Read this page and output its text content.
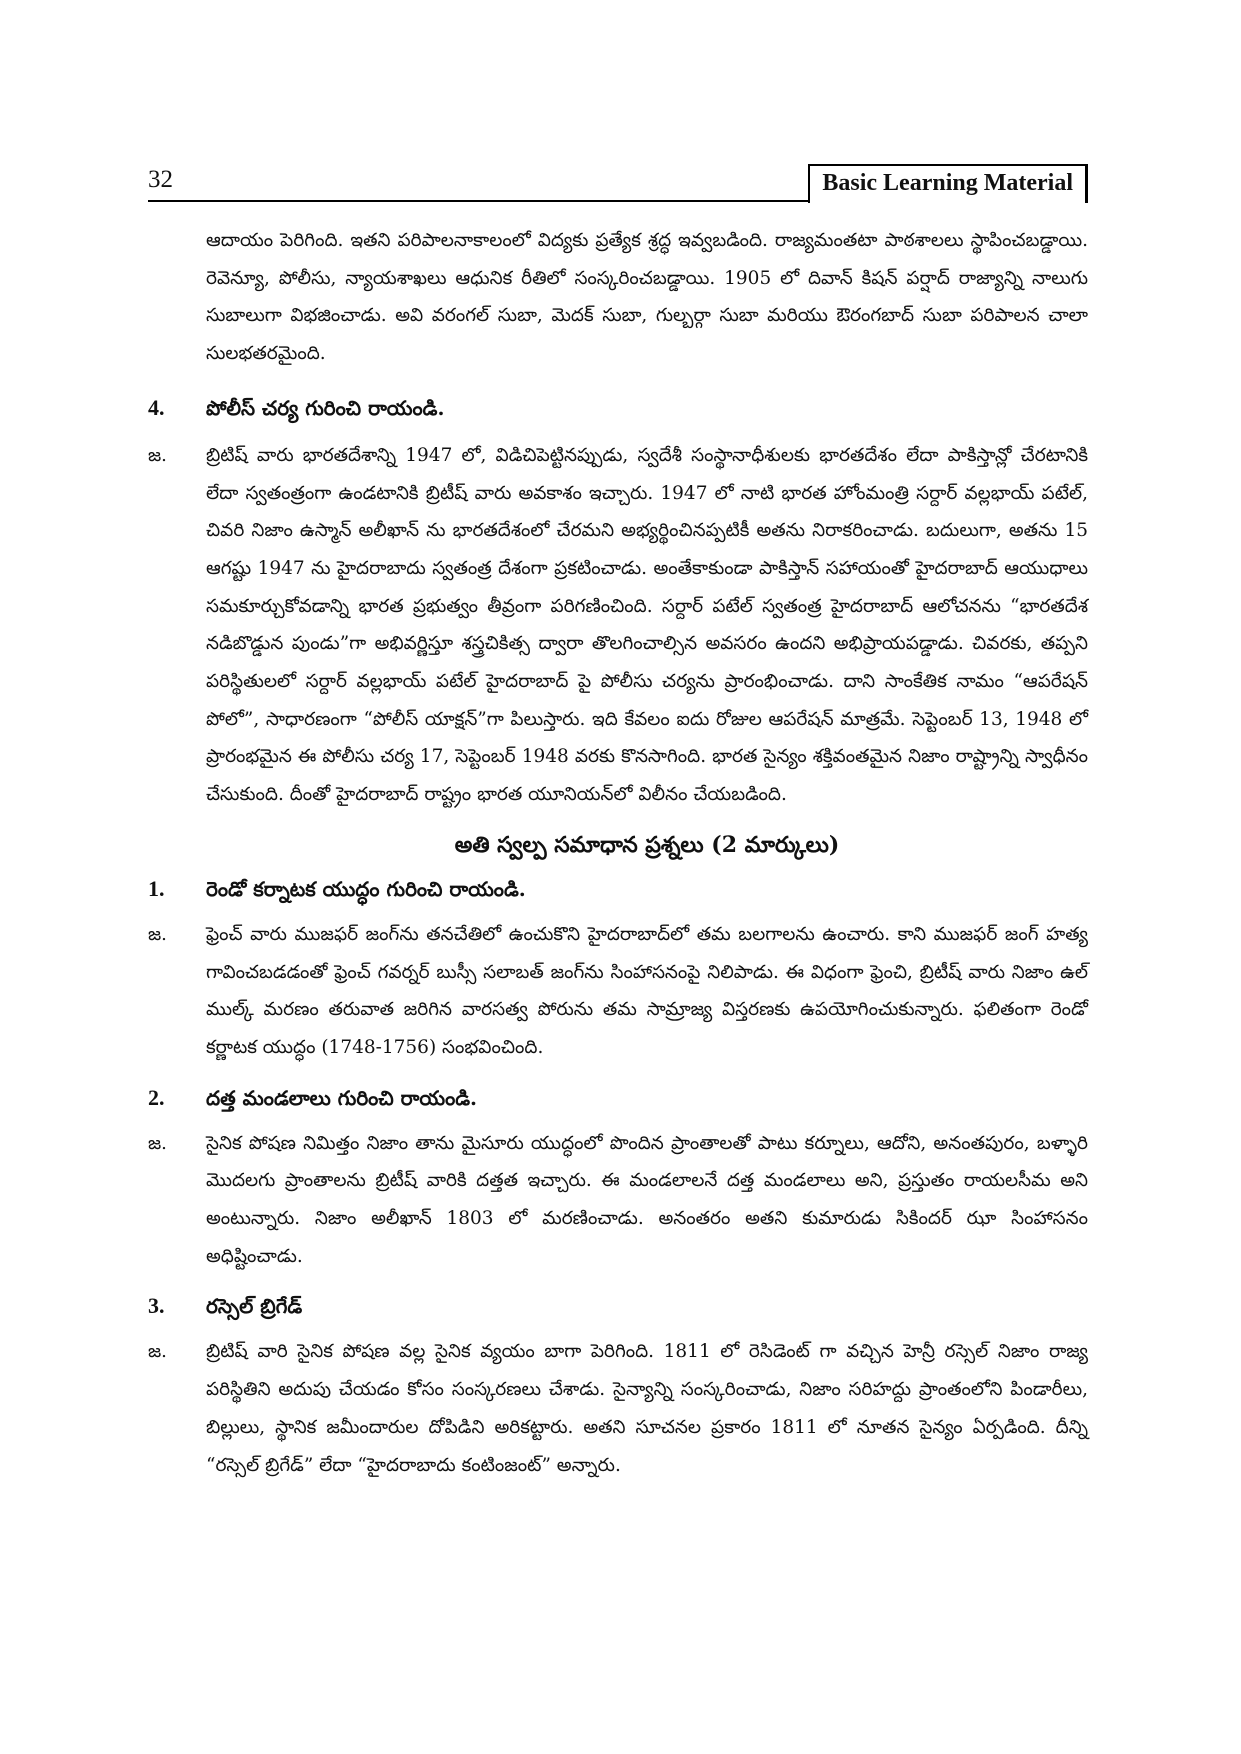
32	Basic Learning Material

ఆదాయం పెరిగింది. ఇతని పరిపాలనాకాలంలో విద్యకు ప్రత్యేక శ్రద్ధ ఇవ్వబడింది. రాజ్యమంతటా పాఠశాలలు స్థాపించబడ్డాయి. రెవెన్యూ, పోలీసు, న్యాయశాఖలు ఆధునిక రీతిలో సంస్కరించబడ్డాయి. 1905 లో దివాన్ కిషన్ పర్షాద్ రాజ్యాన్ని నాలుగు సుబాలుగా విభజించాడు. అవి వరంగల్ సుబా, మెదక్ సుబా, గుల్బర్గా సుబా మరియు ఔరంగబాద్ సుబా పరిపాలన చాలా సులభతరమైంది.

4. పోలీస్ చర్య గురించి రాయండి.
జ. బ్రిటిష్ వారు భారతదేశాన్ని 1947 లో, విడిచిపెట్టినప్పుడు, స్వదేశీ సంస్థానాధీశులకు భారతదేశం లేదా పాకిస్తాన్లో చేరటానికి లేదా స్వతంత్రంగా ఉండటానికి బ్రిటీష్ వారు అవకాశం ఇచ్చారు. 1947 లో నాటి భారత హోంమంత్రి సర్దార్ వల్లభాయ్ పటేల్, చివరి నిజాం ఉస్మాన్ అలీఖాన్ ను భారతదేశంలో చేరమని అభ్యర్థించినప్పటికీ అతను నిరాకరించాడు. బదులుగా, అతను 15 ఆగష్టు 1947 ను హైదరాబాదు స్వతంత్ర దేశంగా ప్రకటించాడు. అంతేకాకుండా పాకిస్తాన్ సహాయంతో హైదరాబాద్ ఆయుధాలు సమకూర్చుకోవడాన్ని భారత ప్రభుత్వం తీవ్రంగా పరిగణించింది. సర్దార్ పటేల్ స్వతంత్ర హైదరాబాద్ ఆలోచనను “భారతదేశ నడిబొడ్డున పుండు”గా అభివర్ణిస్తూ శస్త్రచికిత్స ద్వారా తొలగించాల్సిన అవసరం ఉందని అభిప్రాయపడ్డాడు. చివరకు, తప్పని పరిస్థితులలో సర్దార్ వల్లభాయ్ పటేల్ హైదరాబాద్ పై పోలీసు చర్యను ప్రారంభించాడు. దాని సాంకేతిక నామం “ఆపరేషన్ పోలో”, సాధారణంగా “పోలీస్ యాక్షన్”గా పిలుస్తారు. ఇది కేవలం ఐదు రోజుల ఆపరేషన్ మాత్రమే. సెప్టెంబర్ 13, 1948 లో ప్రారంభమైన ఈ పోలీసు చర్య 17, సెప్టెంబర్ 1948 వరకు కొనసాగింది. భారత సైన్యం శక్తివంతమైన నిజాం రాష్ట్రాన్ని స్వాధీనం చేసుకుంది. దీంతో హైదరాబాద్ రాష్ట్రం భారత యూనియన్‌లో విలీనం చేయబడింది.

అతి స్వల్ప సమాధాన ప్రశ్నలు (2 మార్కులు)
1. రెండో కర్నాటక యుద్ధం గురించి రాయండి.
జ. ఫ్రెంచ్ వారు ముజఫర్ జంగ్‌ను తనచేతిలో ఉంచుకొని హైదరాబాద్‌లో తమ బలగాలను ఉంచారు. కాని ముజఫర్ జంగ్ హత్య గావించబడడంతో ఫ్రెంచ్ గవర్నర్ బుస్సీ సలాబత్ జంగ్‌ను సింహాసనంపై నిలిపాడు. ఈ విధంగా ఫ్రెంచి, బ్రిటీష్ వారు నిజాం ఉల్ ముల్క్ మరణం తరువాత జరిగిన వారసత్వ పోరును తమ సామ్రాజ్య విస్తరణకు ఉపయోగించుకున్నారు. ఫలితంగా రెండో కర్ణాటక యుద్ధం (1748-1756) సంభవించింది.

2. దత్త మండలాలు గురించి రాయండి.
జ. సైనిక పోషణ నిమిత్తం నిజాం తాను మైసూరు యుద్ధంలో పొందిన ప్రాంతాలతో పాటు కర్నూలు, ఆదోని, అనంతపురం, బళ్ళారి మొదలగు ప్రాంతాలను బ్రిటీష్ వారికి దత్తత ఇచ్చారు. ఈ మండలాలనే దత్త మండలాలు అని, ప్రస్తుతం రాయలసీమ అని అంటున్నారు. నిజాం అలీఖాన్ 1803 లో మరణించాడు. అనంతరం అతని కుమారుడు సికిందర్ ఝా సింహాసనం అధిష్టించాడు.

3. రస్సెల్ బ్రిగేడ్
జ. బ్రిటిష్ వారి సైనిక పోషణ వల్ల సైనిక వ్యయం బాగా పెరిగింది. 1811 లో రెసిడెంట్ గా వచ్చిన హెన్రీ రస్సెల్ నిజాం రాజ్య పరిస్థితిని అదుపు చేయడం కోసం సంస్కరణలు చేశాడు. సైన్యాన్ని సంస్కరించాడు, నిజాం సరిహద్దు ప్రాంతంలోని పిండారీలు, బిల్లులు, స్థానిక జమీందారుల దోపిడిని అరికట్టారు. అతని సూచనల ప్రకారం 1811 లో నూతన సైన్యం ఏర్పడింది. దీన్ని “రస్సెల్ బ్రిగేడ్” లేదా “హైదరాబాదు కంటింజంట్” అన్నారు.
